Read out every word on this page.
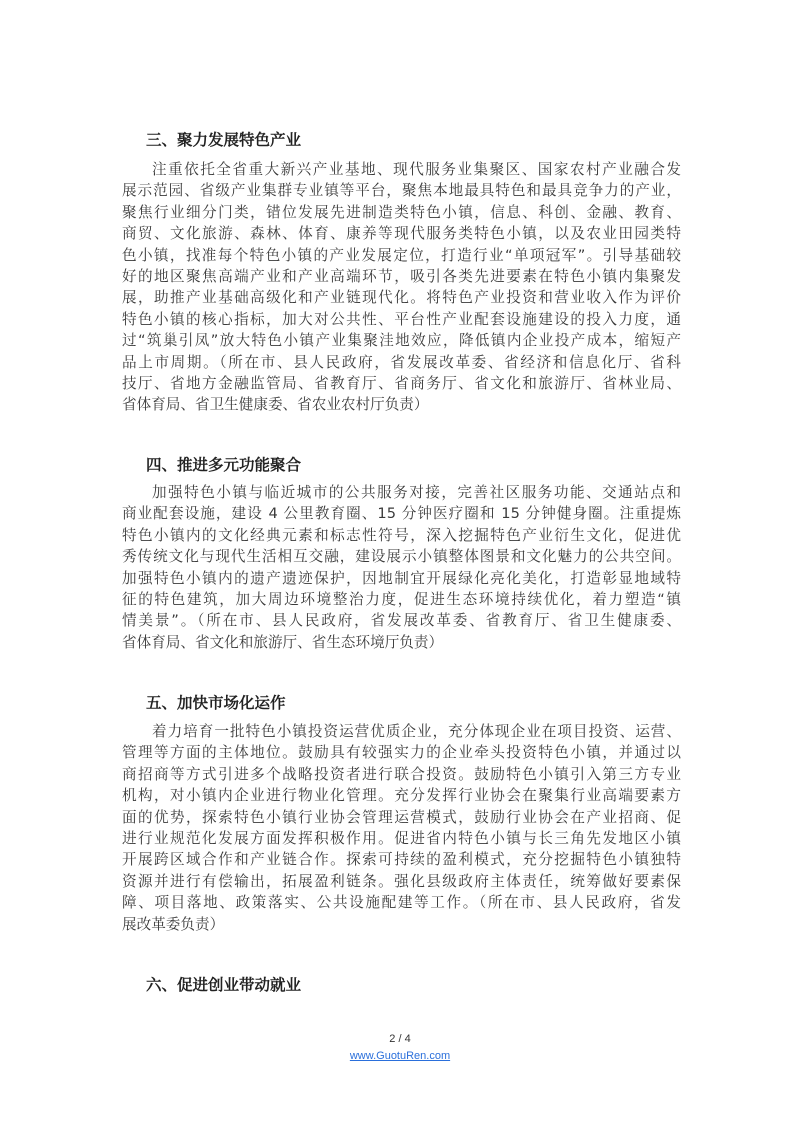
三、聚力发展特色产业
注重依托全省重大新兴产业基地、现代服务业集聚区、国家农村产业融合发
展示范园、省级产业集群专业镇等平台，聚焦本地最具特色和最具竞争力的产业，
聚焦行业细分门类，错位发展先进制造类特色小镇，信息、科创、金融、教育、
商贸、文化旅游、森林、体育、康养等现代服务类特色小镇，以及农业田园类特
色小镇，找准每个特色小镇的产业发展定位，打造行业“单项冠军”。引导基础较
好的地区聚焦高端产业和产业高端环节，吸引各类先进要素在特色小镇内集聚发
展，助推产业基础高级化和产业链现代化。将特色产业投资和营业收入作为评价
特色小镇的核心指标，加大对公共性、平台性产业配套设施建设的投入力度，通
过“筑巢引凤”放大特色小镇产业集聚洼地效应，降低镇内企业投产成本，缩短产
品上市周期。（所在市、县人民政府，省发展改革委、省经济和信息化厅、省科
技厅、省地方金融监管局、省教育厅、省商务厅、省文化和旅游厅、省林业局、
省体育局、省卫生健康委、省农业农村厅负责）
四、推进多元功能聚合
加强特色小镇与临近城市的公共服务对接，完善社区服务功能、交通站点和
商业配套设施，建设 4 公里教育圈、15 分钟医疗圈和 15 分钟健身圈。注重提炼
特色小镇内的文化经典元素和标志性符号，深入挖掘特色产业衍生文化，促进优
秀传统文化与现代生活相互交融，建设展示小镇整体图景和文化魅力的公共空间。
加强特色小镇内的遗产遗迹保护，因地制宜开展绿化亮化美化，打造彰显地域特
征的特色建筑，加大周边环境整治力度，促进生态环境持续优化，着力塑造“镇
情美景”。（所在市、县人民政府，省发展改革委、省教育厅、省卫生健康委、
省体育局、省文化和旅游厅、省生态环境厅负责）
五、加快市场化运作
着力培育一批特色小镇投资运营优质企业，充分体现企业在项目投资、运营、
管理等方面的主体地位。鼓励具有较强实力的企业牵头投资特色小镇，并通过以
商招商等方式引进多个战略投资者进行联合投资。鼓励特色小镇引入第三方专业
机构，对小镇内企业进行物业化管理。充分发挥行业协会在聚集行业高端要素方
面的优势，探索特色小镇行业协会管理运营模式，鼓励行业协会在产业招商、促
进行业规范化发展方面发挥积极作用。促进省内特色小镇与长三角先发地区小镇
开展跨区域合作和产业链合作。探索可持续的盈利模式，充分挖掘特色小镇独特
资源并进行有偿输出，拓展盈利链条。强化县级政府主体责任，统筹做好要素保
障、项目落地、政策落实、公共设施配建等工作。（所在市、县人民政府，省发
展改革委负责）
六、促进创业带动就业
2 / 4
www.GuotuRen.com
